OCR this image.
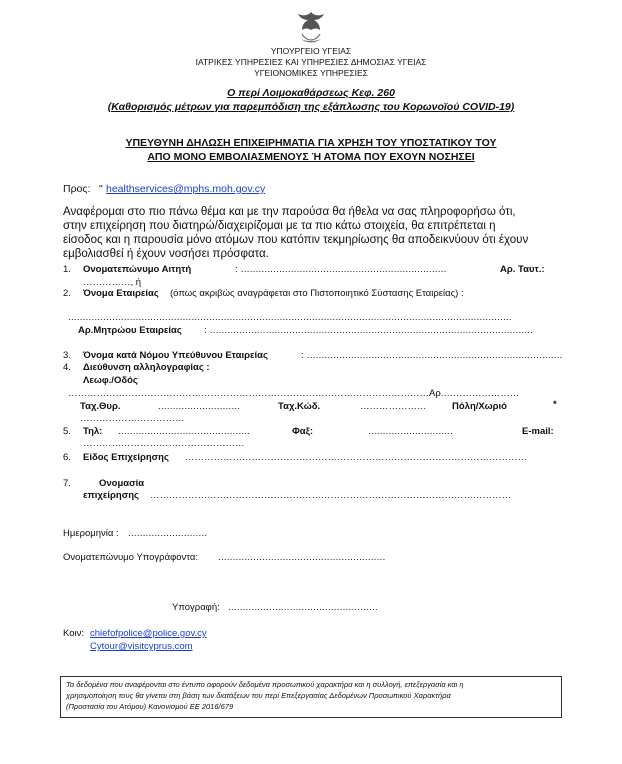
ΥΠΟΥΡΓΕΙΟ ΥΓΕΙΑΣ
ΙΑΤΡΙΚΕΣ ΥΠΗΡΕΣΙΕΣ ΚΑΙ ΥΠΗΡΕΣΙΕΣ ΔΗΜΟΣΙΑΣ ΥΓΕΙΑΣ
ΥΓΕΙΟΝΟΜΙΚΕΣ ΥΠΗΡΕΣΙΕΣ
Ο περί Λοιμοκαθάρσεως Κεφ. 260
(Καθορισμός μέτρων για παρεμπόδιση της εξάπλωσης του Κορωνοϊού COVID-19)
ΥΠΕΥΘΥΝΗ ΔΗΛΩΣΗ ΕΠΙΧΕΙΡΗΜΑΤΙΑ ΓΙΑ ΧΡΗΣΗ ΤΟΥ ΥΠΟΣΤΑΤΙΚΟΥ ΤΟΥ
ΑΠΟ ΜΟΝΟ ΕΜΒΟΛΙΑΣΜΕΝΟΥΣ Ή ΑΤΟΜΑ ΠΟΥ ΕΧΟΥΝ ΝΟΣΗΣΕΙ
Προς: " healthservices@mphs.moh.gov.cy
Αναφέρομαι στο πιο πάνω θέμα και με την παρούσα θα ήθελα να σας πληροφορήσω ότι,
στην επιχείρηση που διατηρώ/διαχειρίζομαι με τα πιο κάτω στοιχεία, θα επιτρέπεται η
είσοδος και η παρουσία μόνο ατόμων που κατόπιν τεκμηρίωσης θα αποδεικνύουν ότι έχουν
εμβολιασθεί ή έχουν νοσήσει πρόσφατα.
1. Ονοματεπώνυμο Αιτητή	: ......................................................................	Αρ. Ταυτ.:
……………, ή
2. Όνομα Εταιρείας (όπως ακριβώς αναγράφεται στο Πιστοποιητικό Σύστασης Εταιρείας) :
.......................................................................................................................................................
Αρ.Μητρώου Εταιρείας : ..............................................................................................................
3. Όνομα κατά Νόμου Υπεύθυνου Εταιρείας	: .......................................................................................
4. Διεύθυνση αλληλογραφίας :
Λεωφ./Οδός
……………………………………………………………………………………………………Αρ.……………………
Ταχ.Θυρ.	............................	Ταχ.Κώδ.	…………………	Πόλη/Χωριό	*
……………………………
5. Τηλ: .............................................	Φαξ:	.............................	E-mail:
……………………………………………
6. Είδος Επιχείρησης ………………………………………………………………………………………………
7.	Ονομασία
επιχείρησης ……………………………………………………………………………………………………
Ημερομηνία : ...........................
Ονοματεπώνυμο Υπογράφοντα: .........................................................
Υπογραφή: ...................................................
Κοιν: chiefofpolice@police.gov.cy
Cytour@visitcyprus.com
Τα δεδομένα που αναφέρονται στο έντυπο αφορούν δεδομένα προσωπικού χαρακτήρα και η συλλογή, επεξεργασία και η
χρησιμοποίηση τους θα γίνεται στη βάση των διατάξεων του περί Επεξεργασίας Δεδομένων Προσωπικού Χαρακτήρα
(Προστασία του Ατόμου) Κανονισμού ΕΕ 2016/679
